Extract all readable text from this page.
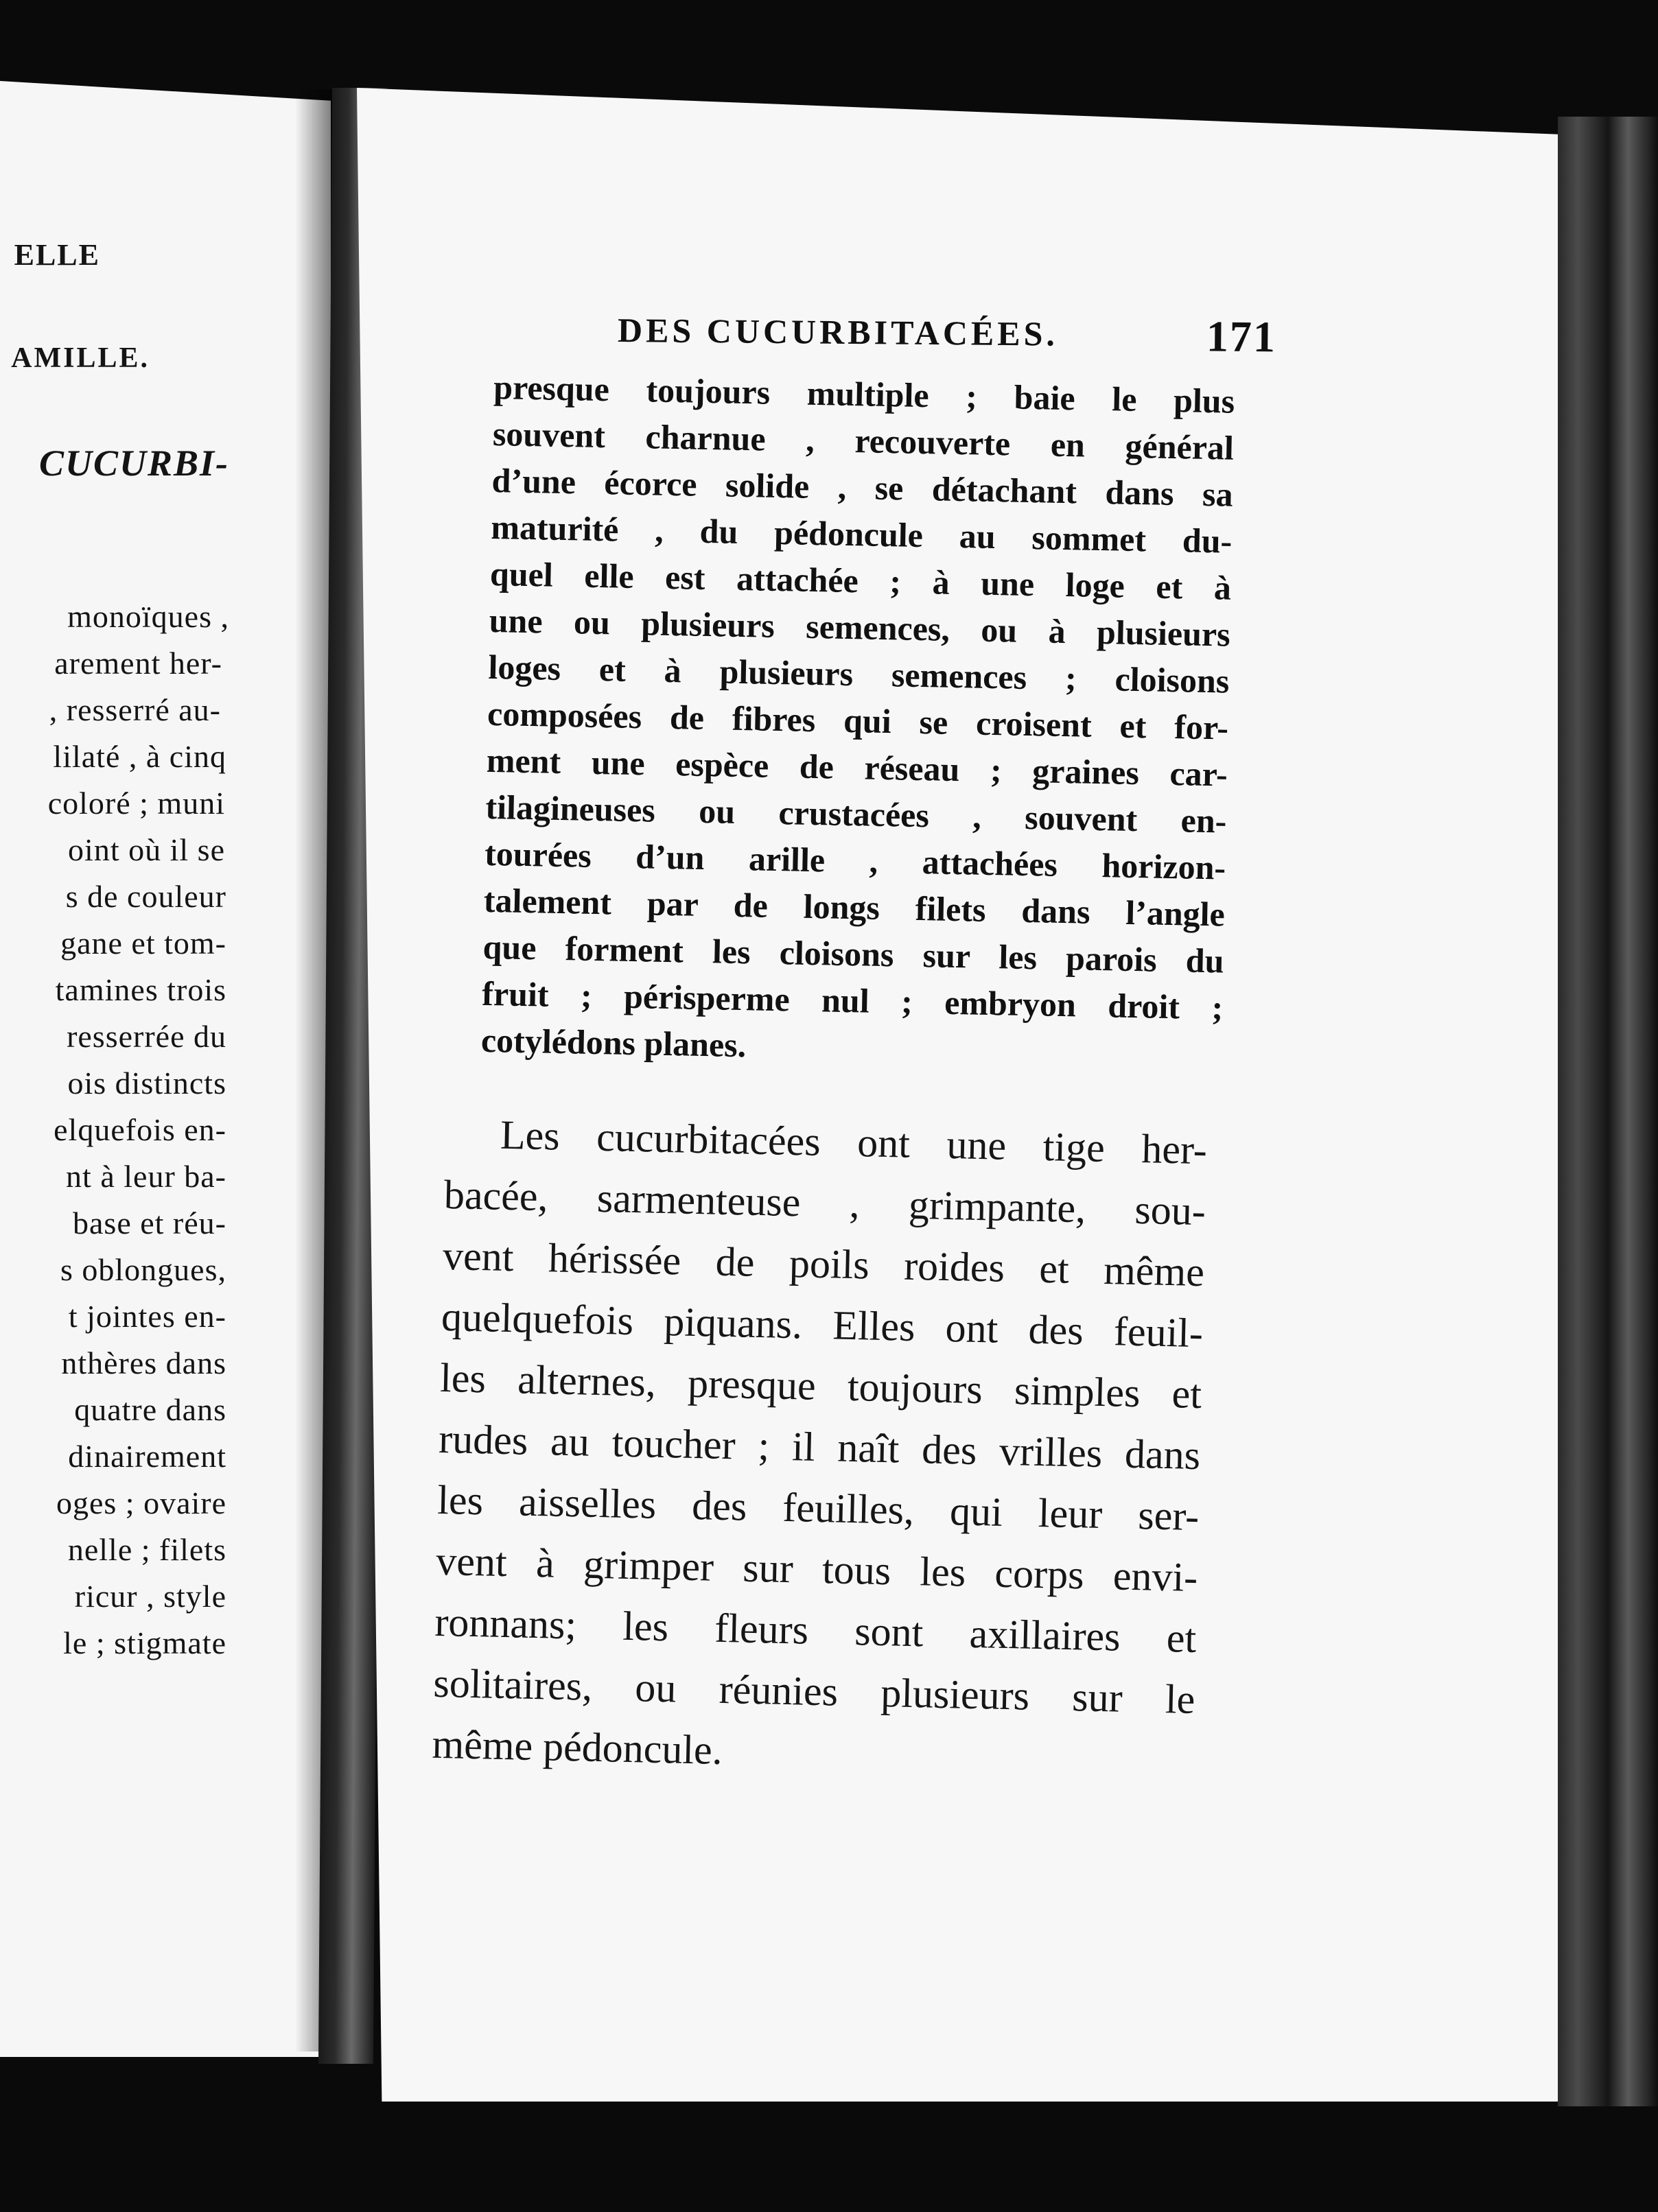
ELLE
AMILLE.
CUCURBI-
monoïques ,
arement her-
, resserré au-
lilaté , à cinq
coloré ; muni
oint où il se
s de couleur
gane et tom-
tamines trois
resserrée du
ois distincts
elquefois en-
nt à leur ba-
base et réu-
s oblongues,
t jointes en-
nthères dans
quatre dans
dinairement
oges ; ovaire
nelle ; filets
ricur , style
le ; stigmate
DES CUCURBITACÉES.	171
presque toujours multiple ; baie le plus
souvent charnue , recouverte en général
d’une écorce solide , se détachant dans sa
maturité , du pédoncule au sommet du-
quel elle est attachée ; à une loge et à
une ou plusieurs semences, ou à plusieurs
loges et à plusieurs semences ; cloisons
composées de fibres qui se croisent et for-
ment une espèce de réseau ; graines car-
tilagineuses ou crustacées , souvent en-
tourées d’un arille , attachées horizon-
talement par de longs filets dans l’angle
que forment les cloisons sur les parois du
fruit ; périsperme nul ; embryon droit ;
cotylédons planes.
Les cucurbitacées ont une tige her-
bacée, sarmenteuse , grimpante, sou-
vent hérissée de poils roides et même
quelquefois piquans. Elles ont des feuil-
les alternes, presque toujours simples et
rudes au toucher ; il naît des vrilles dans
les aisselles des feuilles, qui leur ser-
vent à grimper sur tous les corps envi-
ronnans; les fleurs sont axillaires et
solitaires, ou réunies plusieurs sur le
même pédoncule.
